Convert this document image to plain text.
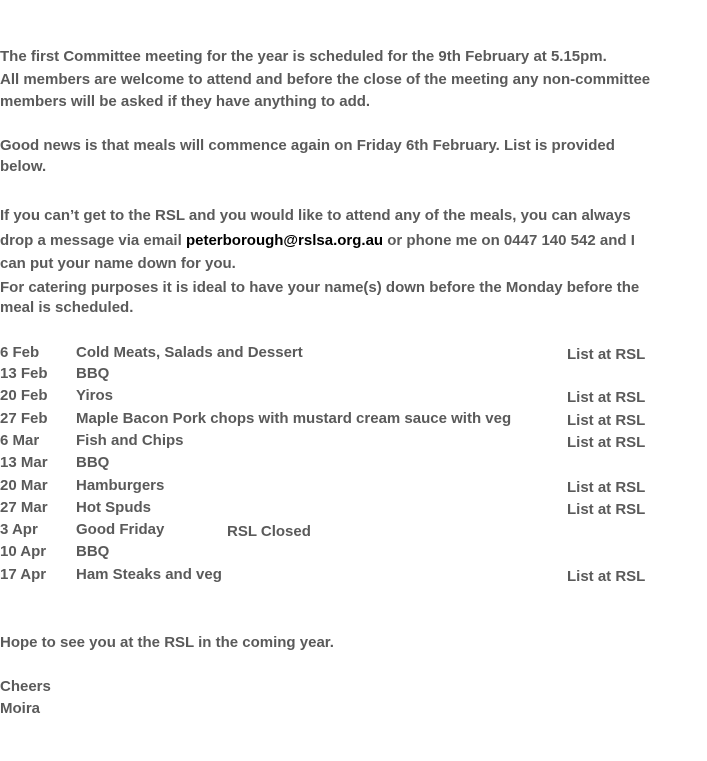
The first Committee meeting for the year is scheduled for the 9th February at 5.15pm.
All members are welcome to attend and before the close of the meeting any non-committee
members will be asked if they have anything to add.
Good news is that meals will commence again on Friday 6th February. List is provided
below.
If you can’t get to the RSL and you would like to attend any of the meals, you can always
drop a message via email peterborough@rslsa.org.au or phone me on 0447 140 542 and I
can put your name down for you.
For catering purposes it is ideal to have your name(s) down before the Monday before the
meal is scheduled.
6 Feb Cold Meats, Salads and Dessert	List at RSL
13 Feb BBQ
20 Feb Yiros	List at RSL
27 Feb Maple Bacon Pork chops with mustard cream sauce with veg	List at RSL
6 Mar Fish and Chips	List at RSL
13 Mar BBQ
20 Mar Hamburgers	List at RSL
27 Mar Hot Spuds	List at RSL
3 Apr	Good Friday	RSL Closed
10 Apr BBQ
17 Apr Ham Steaks and veg	List at RSL
Hope to see you at the RSL in the coming year.
Cheers
Moira
